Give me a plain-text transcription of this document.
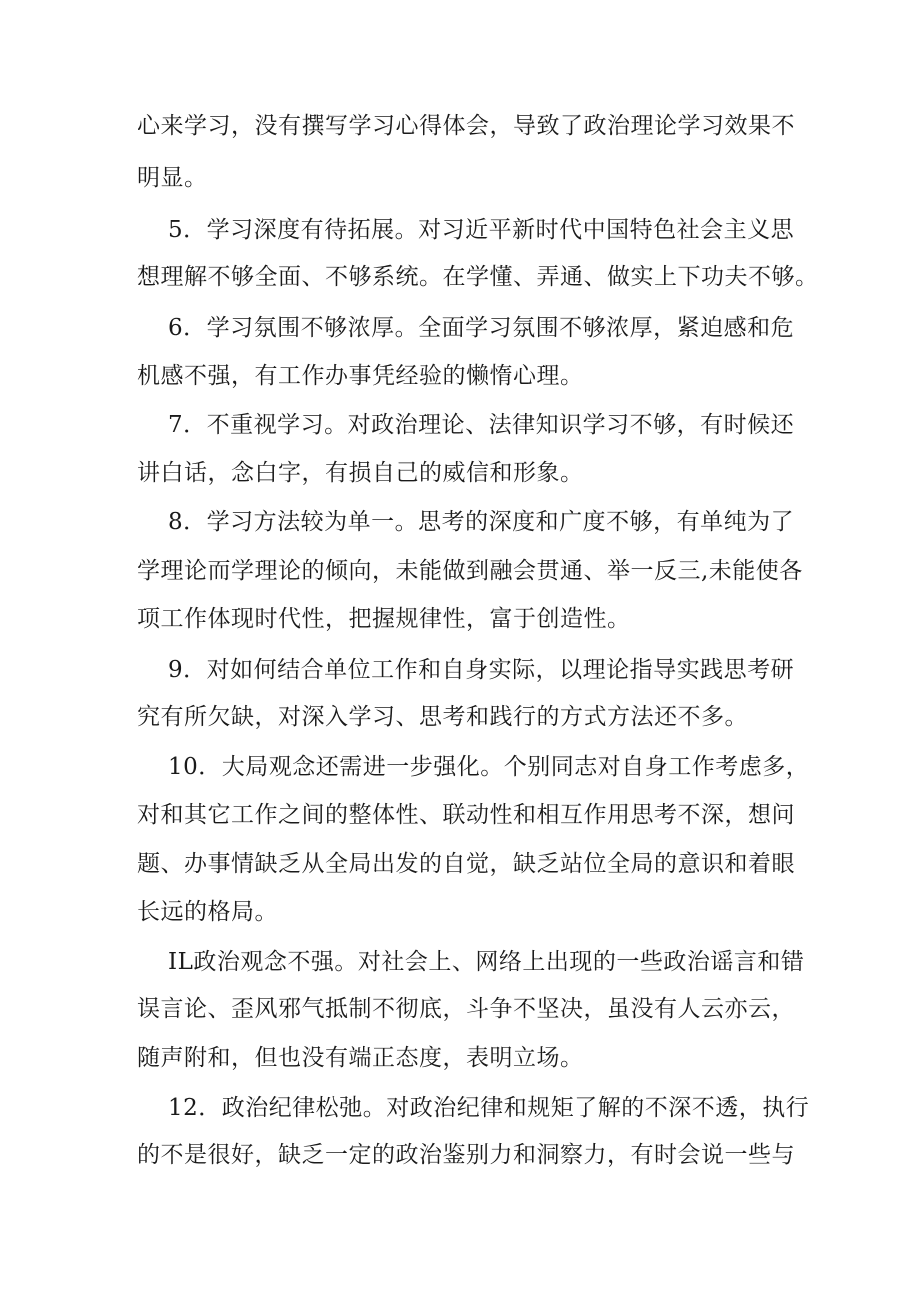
心来学习，没有撰写学习心得体会，导致了政治理论学习效果不
明显。
5．学习深度有待拓展。对习近平新时代中国特色社会主义思
想理解不够全面、不够系统。在学懂、弄通、做实上下功夫不够。
6．学习氛围不够浓厚。全面学习氛围不够浓厚，紧迫感和危
机感不强，有工作办事凭经验的懒惰心理。
7．不重视学习。对政治理论、法律知识学习不够，有时候还
讲白话，念白字，有损自己的威信和形象。
8．学习方法较为单一。思考的深度和广度不够，有单纯为了
学理论而学理论的倾向，未能做到融会贯通、举一反三,未能使各
项工作体现时代性，把握规律性，富于创造性。
9．对如何结合单位工作和自身实际，以理论指导实践思考研
究有所欠缺，对深入学习、思考和践行的方式方法还不多。
10．大局观念还需进一步强化。个别同志对自身工作考虑多，
对和其它工作之间的整体性、联动性和相互作用思考不深，想问
题、办事情缺乏从全局出发的自觉，缺乏站位全局的意识和着眼
长远的格局。
IL政治观念不强。对社会上、网络上出现的一些政治谣言和错
误言论、歪风邪气抵制不彻底，斗争不坚决，虽没有人云亦云，
随声附和，但也没有端正态度，表明立场。
12．政治纪律松弛。对政治纪律和规矩了解的不深不透，执行
的不是很好，缺乏一定的政治鉴别力和洞察力，有时会说一些与
